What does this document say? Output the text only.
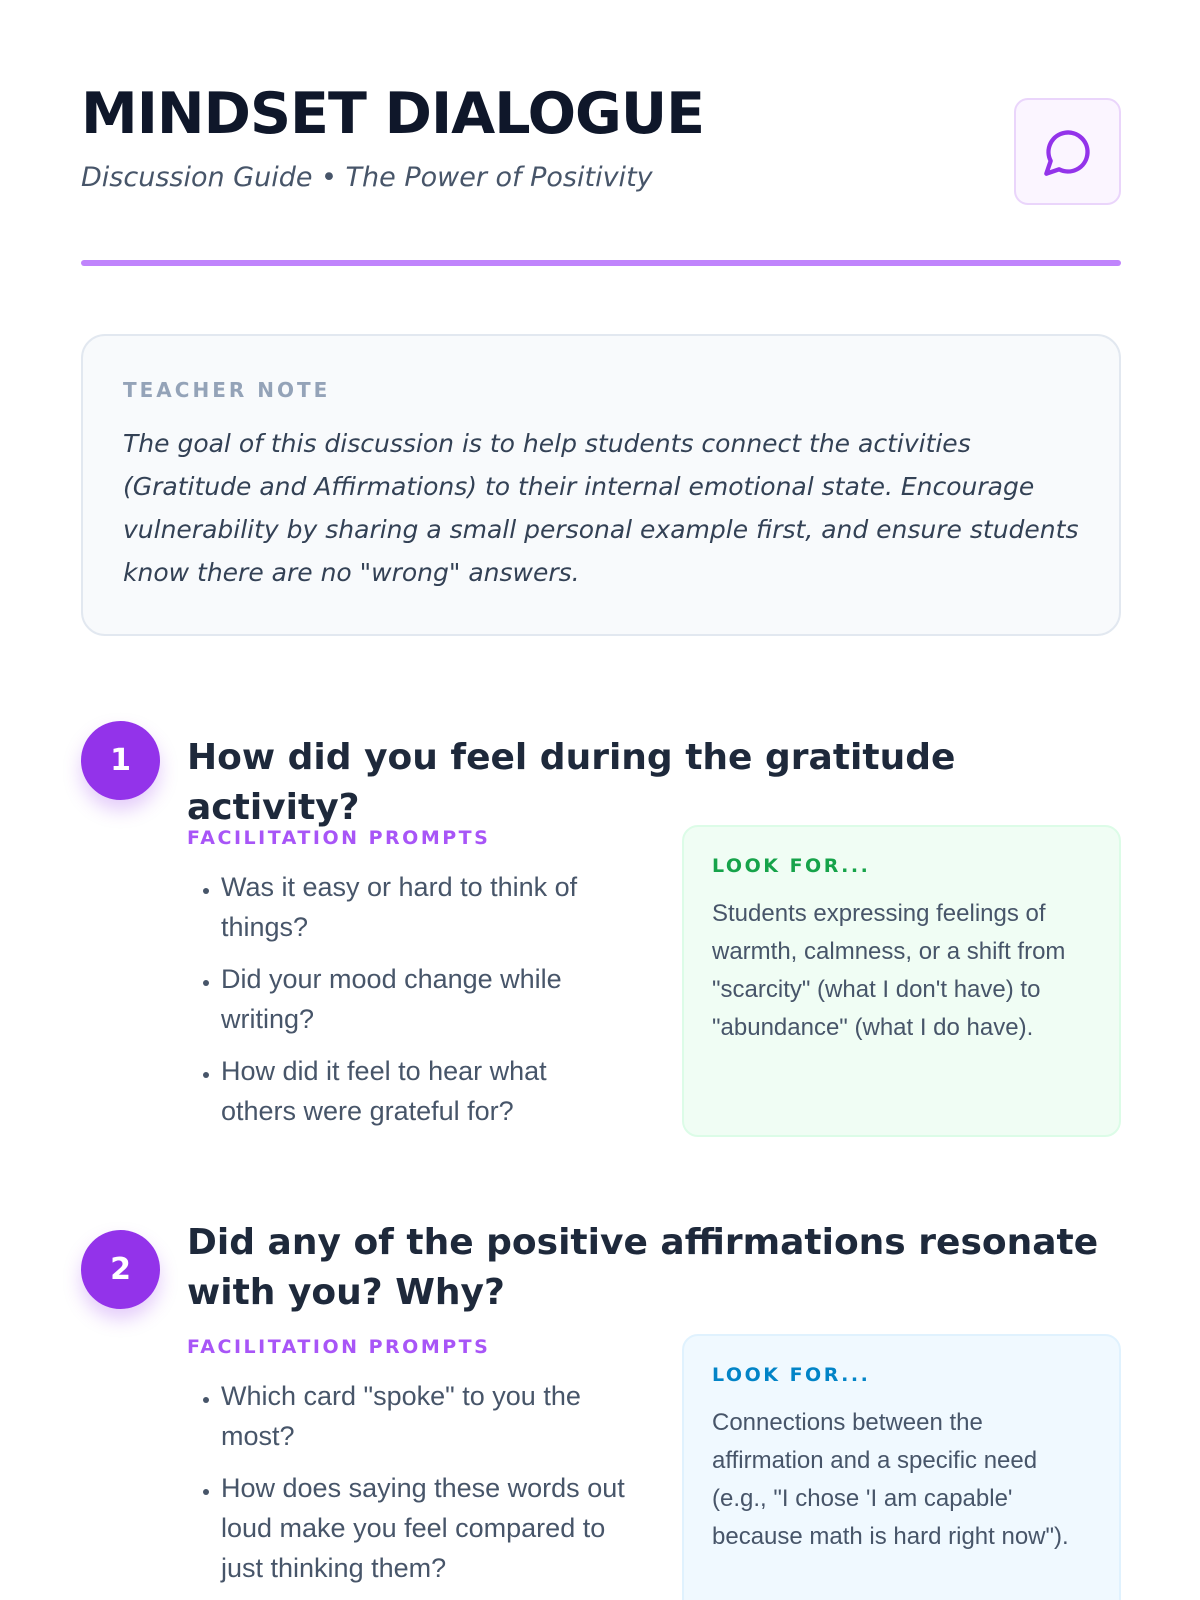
MINDSET DIALOGUE
Discussion Guide • The Power of Positivity
TEACHER NOTE
The goal of this discussion is to help students connect the activities (Gratitude and Affirmations) to their internal emotional state. Encourage vulnerability by sharing a small personal example first, and ensure students know there are no "wrong" answers.
1	How did you feel during the gratitude activity?
FACILITATION PROMPTS
• Was it easy or hard to think of things?
• Did your mood change while writing?
• How did it feel to hear what others were grateful for?
LOOK FOR...
Students expressing feelings of warmth, calmness, or a shift from "scarcity" (what I don't have) to "abundance" (what I do have).
2
Did any of the positive affirmations resonate with you? Why?
FACILITATION PROMPTS
• Which card "spoke" to you the most?
• How does saying these words out loud make you feel compared to just thinking them?
LOOK FOR...
Connections between the affirmation and a specific need (e.g., "I chose 'I am capable' because math is hard right now").
